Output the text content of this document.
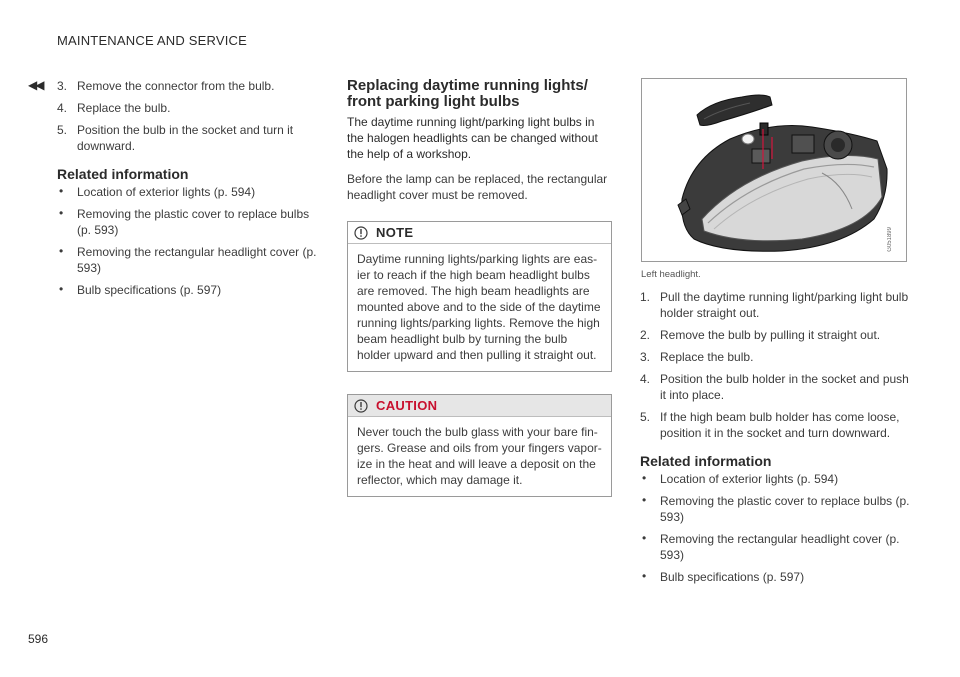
MAINTENANCE AND SERVICE
◀◀ 3. Remove the connector from the bulb.
4. Replace the bulb.
5. Position the bulb in the socket and turn it downward.
Related information
• Location of exterior lights (p. 594)
• Removing the plastic cover to replace bulbs (p. 593)
• Removing the rectangular headlight cover (p. 593)
• Bulb specifications (p. 597)
Replacing daytime running lights/ front parking light bulbs
The daytime running light/parking light bulbs in the halogen headlights can be changed without the help of a workshop.
Before the lamp can be replaced, the rectangular headlight cover must be removed.
NOTE
Daytime running lights/parking lights are eas- ier to reach if the high beam headlight bulbs are removed. The high beam headlights are mounted above and to the side of the daytime running lights/parking lights. Remove the high beam headlight bulb by turning the bulb holder upward and then pulling it straight out.
CAUTION
Never touch the bulb glass with your bare fin- gers. Grease and oils from your fingers vapor- ize in the heat and will leave a deposit on the reflector, which may damage it.
G051899
Left headlight.
1. Pull the daytime running light/parking light bulb holder straight out.
2. Remove the bulb by pulling it straight out.
3. Replace the bulb.
4. Position the bulb holder in the socket and push it into place.
5. If the high beam bulb holder has come loose, position it in the socket and turn downward.
Related information
• Location of exterior lights (p. 594)
• Removing the plastic cover to replace bulbs (p. 593)
• Removing the rectangular headlight cover (p. 593)
• Bulb specifications (p. 597)
596
